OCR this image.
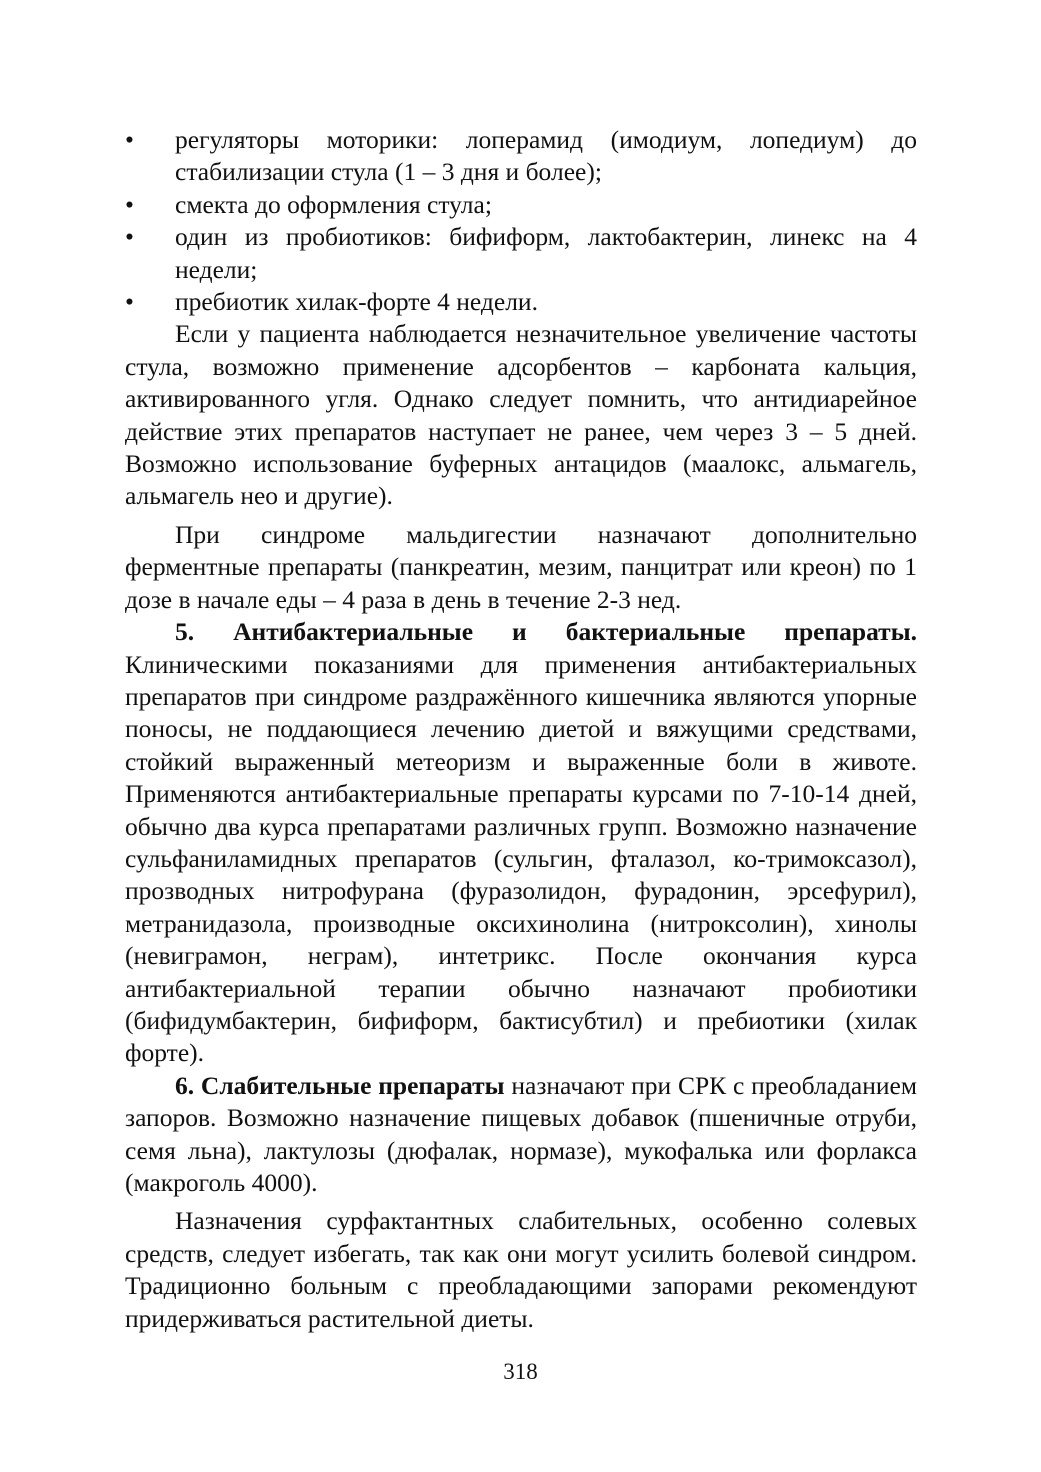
•	регуляторы моторики: лоперамид (имодиум, лопедиум) до стабилизации стула (1 – 3 дня и более);
•	смекта до оформления стула;
•	один из пробиотиков: бифиформ, лактобактерин, линекс на 4 недели;
•	пребиотик хилак-форте 4 недели.

Если у пациента наблюдается незначительное увеличение частоты стула, возможно применение адсорбентов – карбоната кальция, активированного угля. Однако следует помнить, что антидиарейное действие этих препаратов наступает не ранее, чем через 3 – 5 дней. Возможно использование буферных антацидов (маалокс, альмагель, альмагель нео и другие).

При синдроме мальдигестии назначают дополнительно ферментные препараты (панкреатин, мезим, панцитрат или креон) по 1 дозе в начале еды – 4 раза в день в течение 2-3 нед.

5. Антибактериальные и бактериальные препараты. Клиническими показаниями для применения антибактериальных препаратов при синдроме раздражённого кишечника являются упорные поносы, не поддающиеся лечению диетой и вяжущими средствами, стойкий выраженный метеоризм и выраженные боли в животе. Применяются антибактериальные препараты курсами по 7-10-14 дней, обычно два курса препаратами различных групп. Возможно назначение сульфаниламидных препаратов (сульгин, фталазол, ко-тримоксазол), прозводных нитрофурана (фуразолидон, фурадонин, эрсефурил), метранидазола, производные оксихинолина (нитроксолин), хинолы (невиграмон, неграм), интетрикс. После окончания курса антибактериальной терапии обычно назначают пробиотики (бифидумбактерин, бифиформ, бактисубтил) и пребиотики (хилак форте).

6. Слабительные препараты назначают при СРК с преобладанием запоров. Возможно назначение пищевых добавок (пшеничные отруби, семя льна), лактулозы (дюфалак, нормазе), мукофалька или форлакса (макроголь 4000).

Назначения сурфактантных слабительных, особенно солевых средств, следует избегать, так как они могут усилить болевой синдром. Традиционно больным с преобладающими запорами рекомендуют придерживаться растительной диеты.

318
